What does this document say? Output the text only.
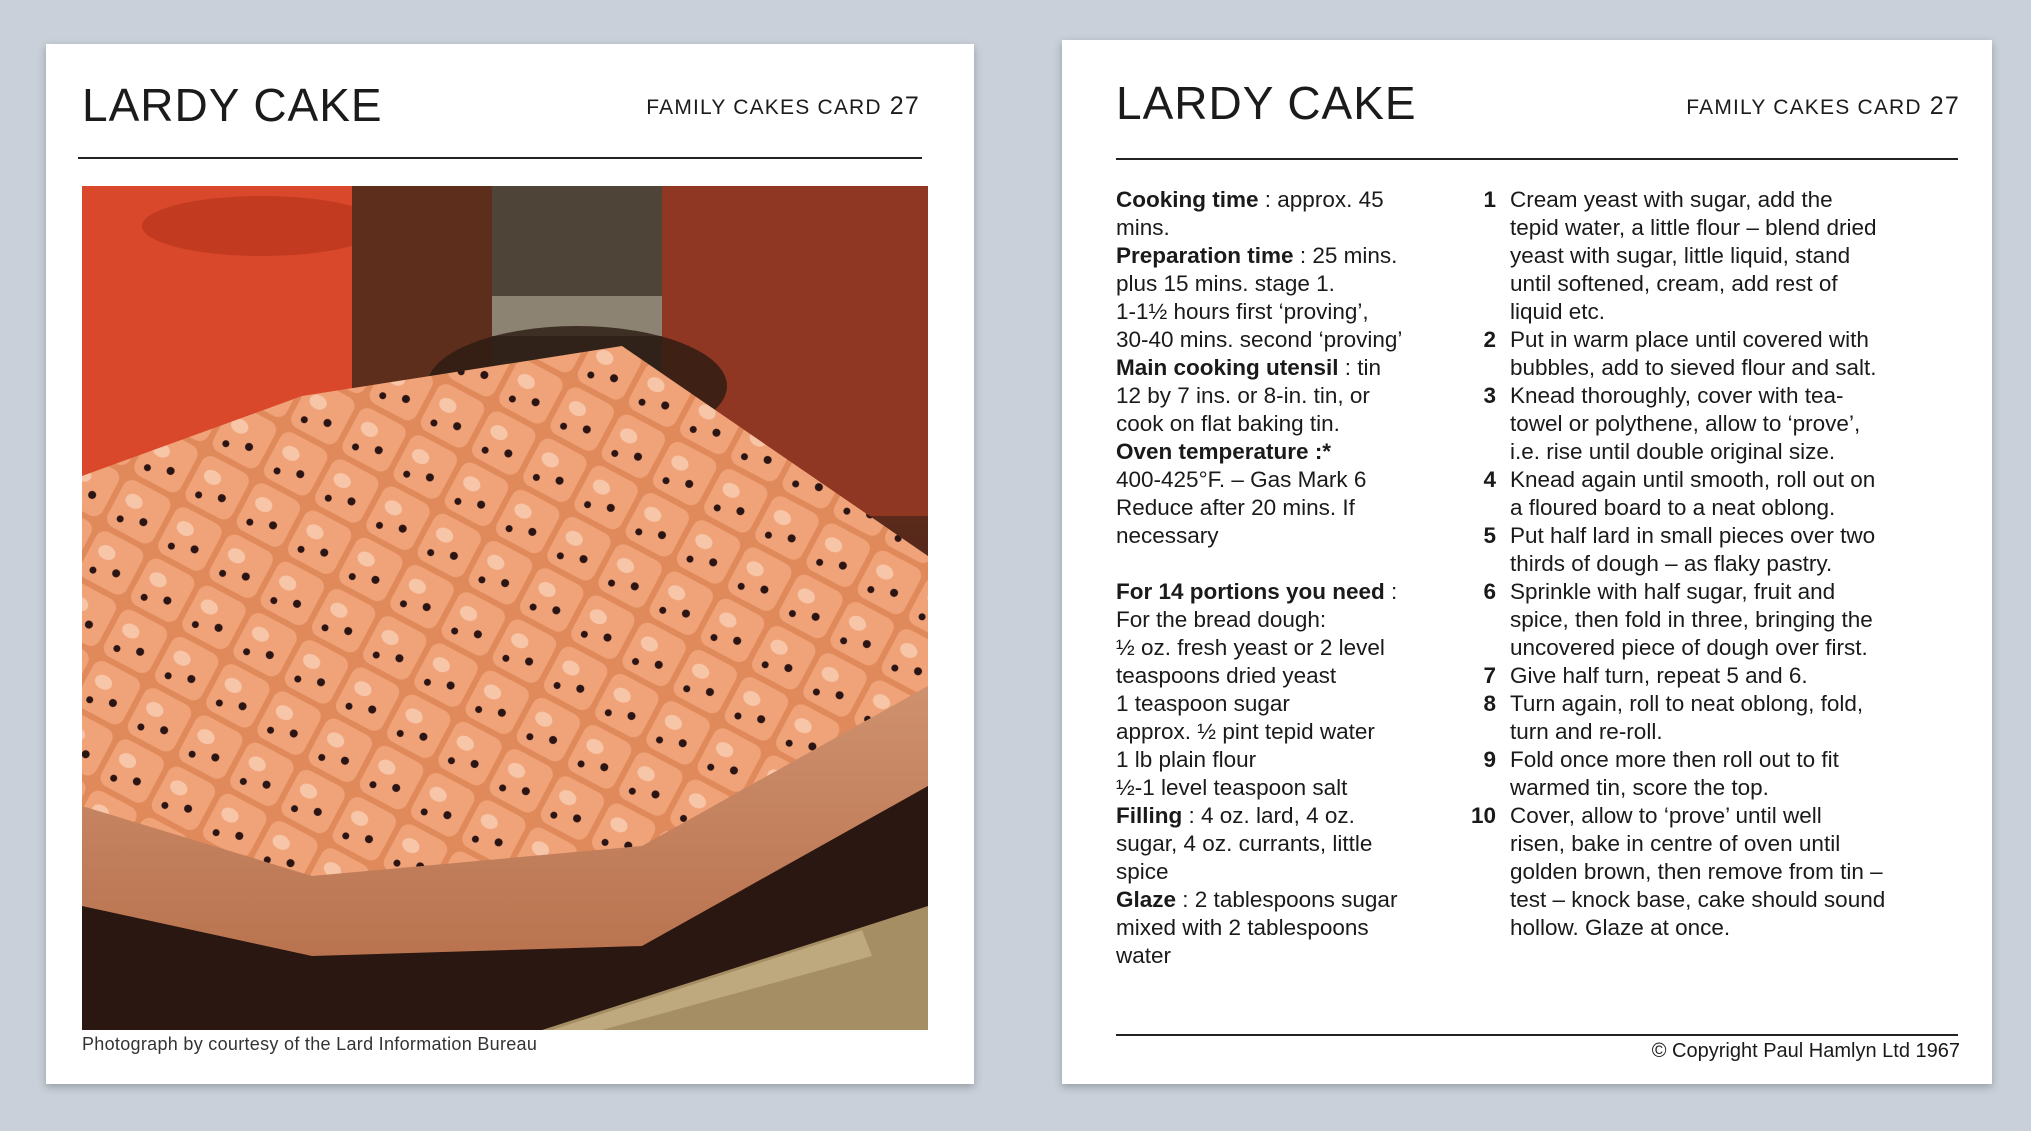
LARDY CAKE	FAMILY CAKES CARD 27
Photograph by courtesy of the Lard Information Bureau
LARDY CAKE	FAMILY CAKES CARD 27
Cooking time : approx. 45
mins.
Preparation time : 25 mins.
plus 15 mins. stage 1.
1-1½ hours first ‘proving’,
30-40 mins. second ‘proving’
Main cooking utensil : tin
12 by 7 ins. or 8-in. tin, or
cook on flat baking tin.
Oven temperature :*
400-425°F. – Gas Mark 6
Reduce after 20 mins. If
necessary
For 14 portions you need :
For the bread dough:
½ oz. fresh yeast or 2 level
teaspoons dried yeast
1 teaspoon sugar
approx. ½ pint tepid water
1 lb plain flour
½-1 level teaspoon salt
Filling : 4 oz. lard, 4 oz.
sugar, 4 oz. currants, little
spice
Glaze : 2 tablespoons sugar
mixed with 2 tablespoons
water
1 Cream yeast with sugar, add the
tepid water, a little flour – blend dried
yeast with sugar, little liquid, stand
until softened, cream, add rest of
liquid etc.
2 Put in warm place until covered with
bubbles, add to sieved flour and salt.
3 Knead thoroughly, cover with tea-
towel or polythene, allow to ‘prove’,
i.e. rise until double original size.
4 Knead again until smooth, roll out on
a floured board to a neat oblong.
5 Put half lard in small pieces over two
thirds of dough – as flaky pastry.
6 Sprinkle with half sugar, fruit and
spice, then fold in three, bringing the
uncovered piece of dough over first.
7 Give half turn, repeat 5 and 6.
8 Turn again, roll to neat oblong, fold,
turn and re-roll.
9 Fold once more then roll out to fit
warmed tin, score the top.
10 Cover, allow to ‘prove’ until well
risen, bake in centre of oven until
golden brown, then remove from tin –
test – knock base, cake should sound
hollow. Glaze at once.
© Copyright Paul Hamlyn Ltd 1967
